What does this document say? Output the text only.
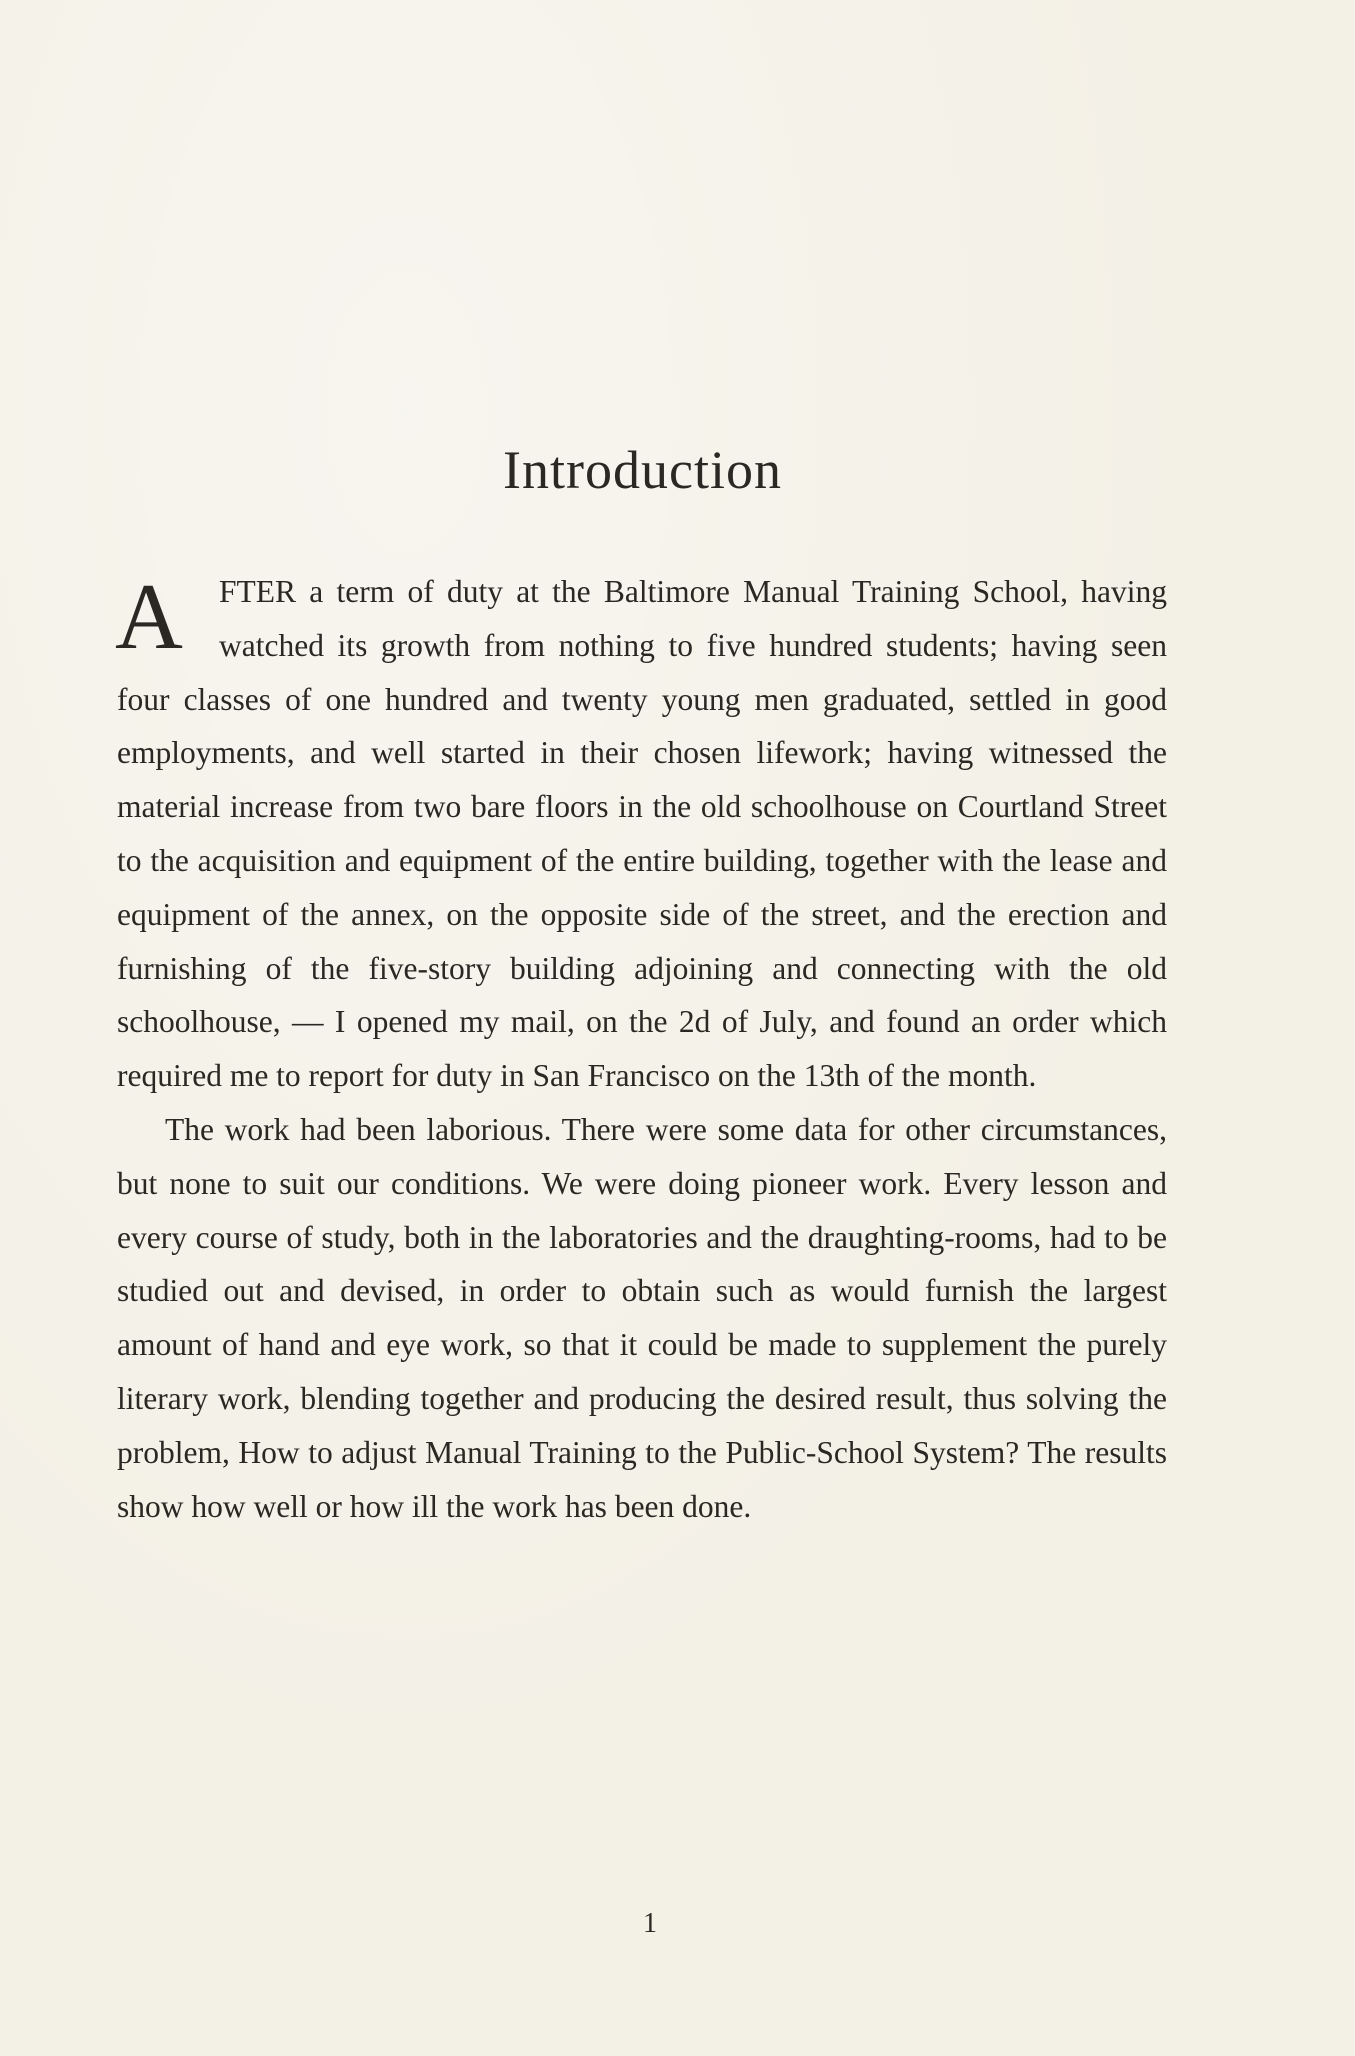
Introduction

A	FTER a term of duty at the Baltimore Manual Training School, having watched its growth from nothing to five hundred students; having seen four classes of one hundred and twenty young men graduated, settled in good employments, and well started in their chosen lifework; having witnessed the material increase from two bare floors in the old schoolhouse on Courtland Street to the acquisition and equipment of the entire building, together with the lease and equipment of the annex, on the opposite side of the street, and the erection and furnishing of the five-story building adjoining and connecting with the old schoolhouse, — I opened my mail, on the 2d of July, and found an order which required me to report for duty in San Francisco on the 13th of the month.

The work had been laborious. There were some data for other circumstances, but none to suit our conditions. We were doing pioneer work. Every lesson and every course of study, both in the laboratories and the draughting-rooms, had to be studied out and devised, in order to obtain such as would furnish the largest amount of hand and eye work, so that it could be made to supplement the purely literary work, blending together and producing the desired result, thus solving the problem, How to adjust Manual Training to the Public-School System? The results show how well or how ill the work has been done.

1
